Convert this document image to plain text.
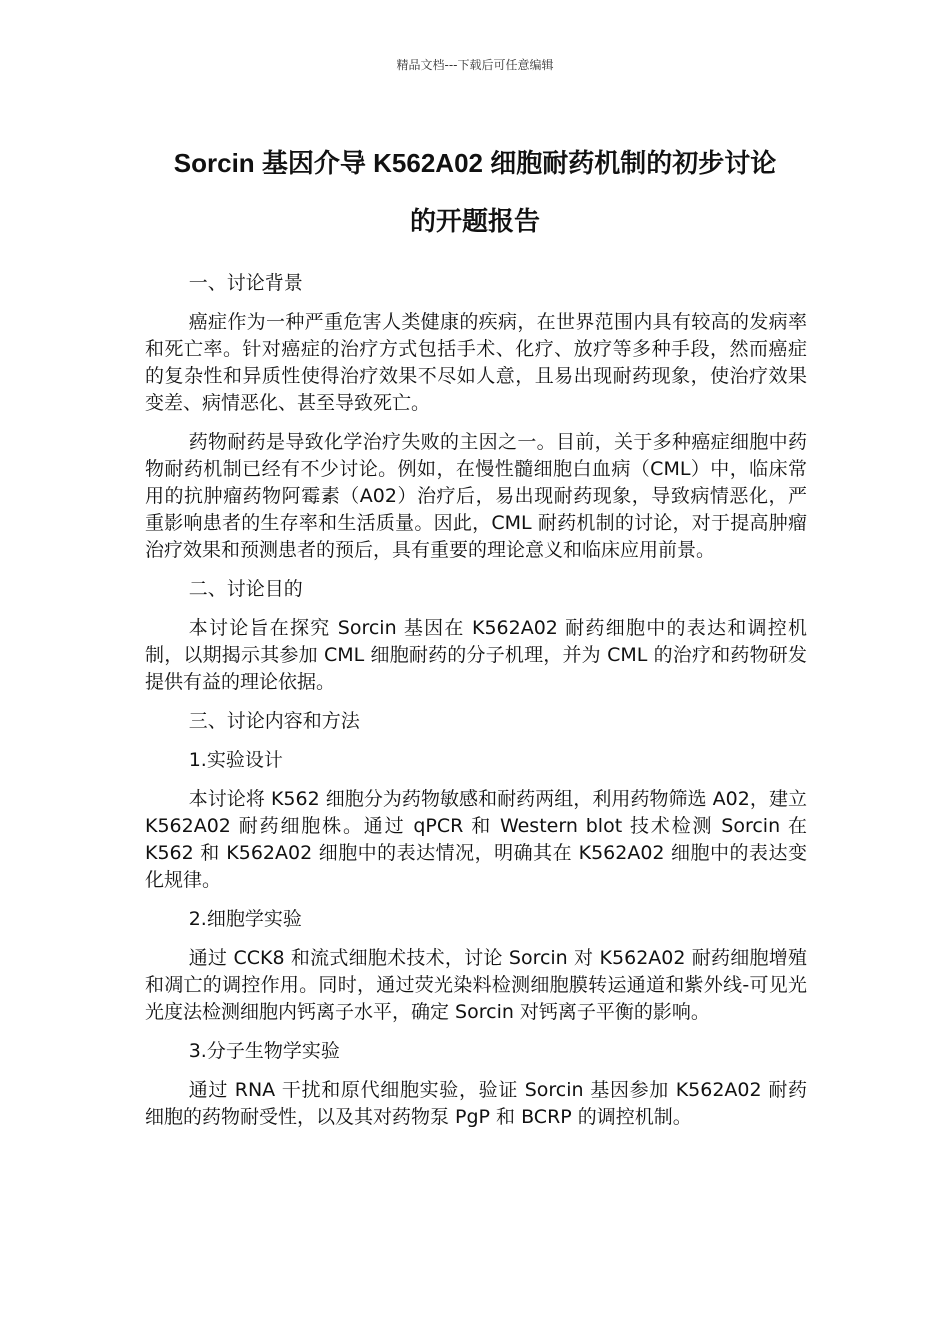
精品文档---下载后可任意编辑
Sorcin 基因介导 K562A02 细胞耐药机制的初步讨论
的开题报告

一、讨论背景

癌症作为一种严重危害人类健康的疾病，在世界范围内具有较高的发病率和死亡率。针对癌症的治疗方式包括手术、化疗、放疗等多种手段，然而癌症的复杂性和异质性使得治疗效果不尽如人意，且易出现耐药现象，使治疗效果变差、病情恶化、甚至导致死亡。

药物耐药是导致化学治疗失败的主因之一。目前，关于多种癌症细胞中药物耐药机制已经有不少讨论。例如，在慢性髓细胞白血病（CML）中，临床常用的抗肿瘤药物阿霉素（A02）治疗后，易出现耐药现象，导致病情恶化，严重影响患者的生存率和生活质量。因此，CML 耐药机制的讨论，对于提高肿瘤治疗效果和预测患者的预后，具有重要的理论意义和临床应用前景。

二、讨论目的

本讨论旨在探究 Sorcin 基因在 K562A02 耐药细胞中的表达和调控机制，以期揭示其参加 CML 细胞耐药的分子机理，并为 CML 的治疗和药物研发提供有益的理论依据。

三、讨论内容和方法

1.实验设计

本讨论将 K562 细胞分为药物敏感和耐药两组，利用药物筛选 A02，建立 K562A02 耐药细胞株。通过 qPCR 和 Western blot 技术检测 Sorcin 在 K562 和 K562A02 细胞中的表达情况，明确其在 K562A02 细胞中的表达变化规律。

2.细胞学实验

通过 CCK8 和流式细胞术技术，讨论 Sorcin 对 K562A02 耐药细胞增殖和凋亡的调控作用。同时，通过荧光染料检测细胞膜转运通道和紫外线-可见光光度法检测细胞内钙离子水平，确定 Sorcin 对钙离子平衡的影响。

3.分子生物学实验

通过 RNA 干扰和原代细胞实验，验证 Sorcin 基因参加 K562A02 耐药细胞的药物耐受性，以及其对药物泵 PgP 和 BCRP 的调控机制。
